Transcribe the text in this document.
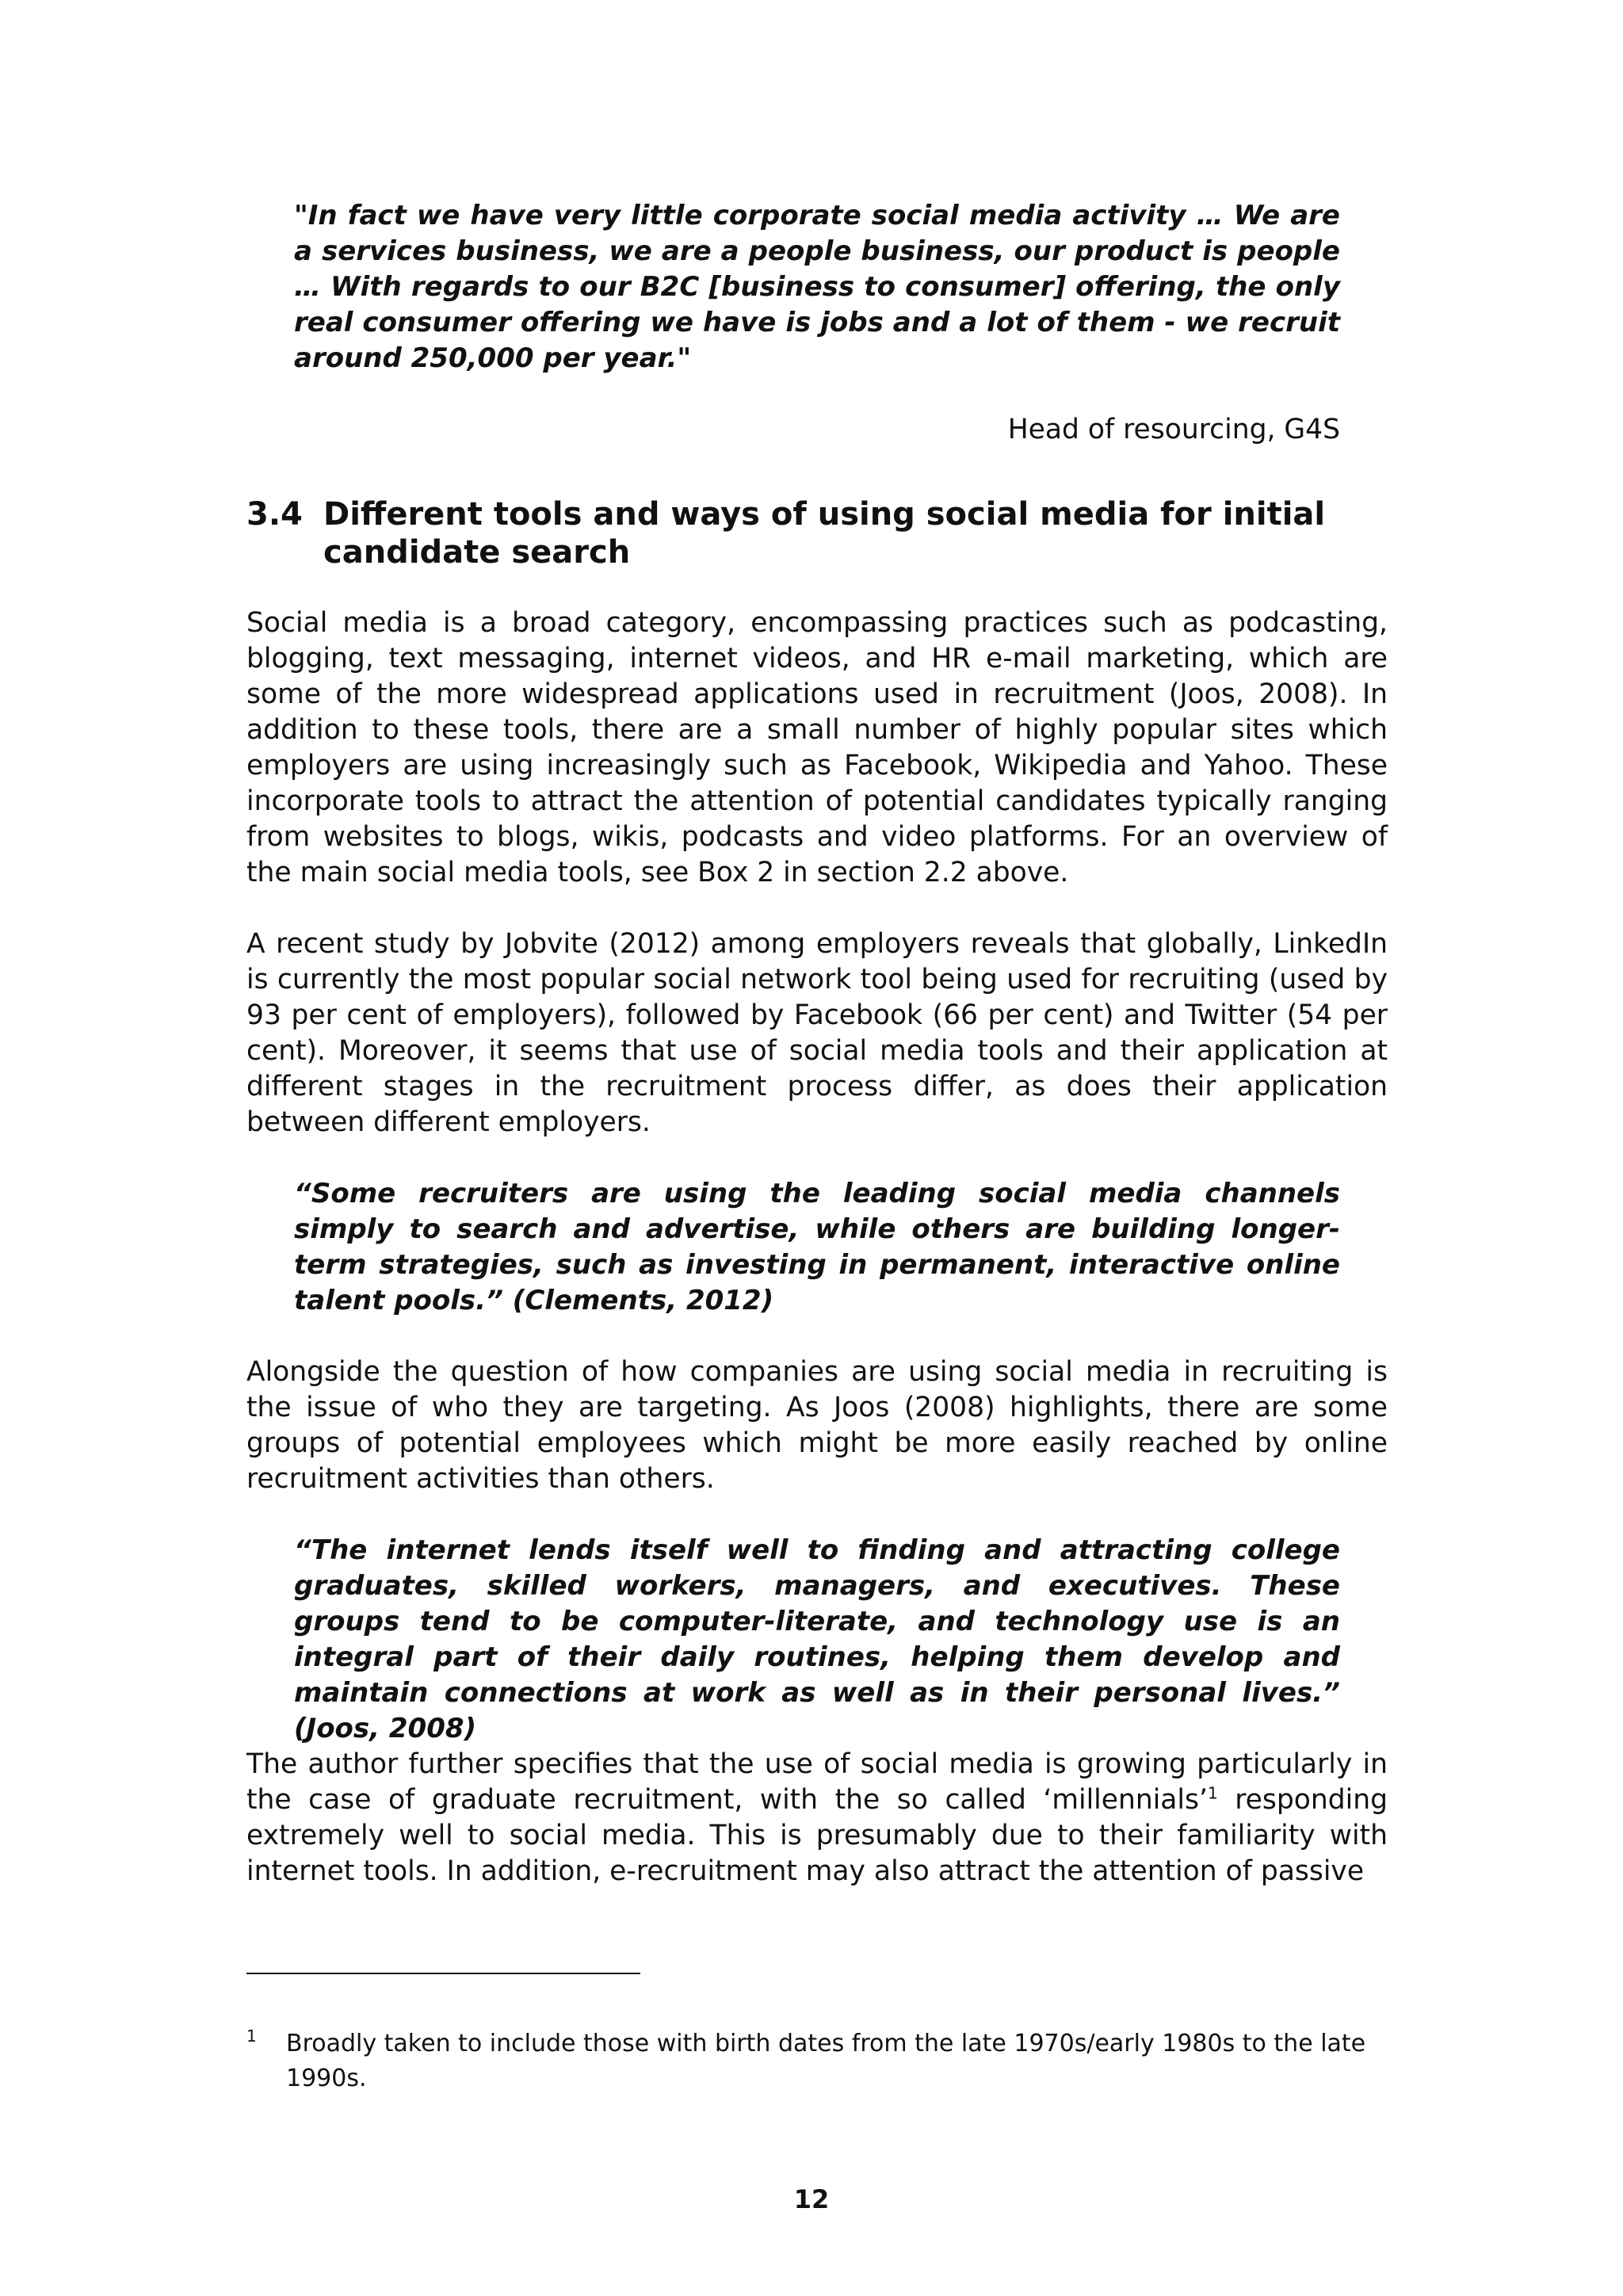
"In fact we have very little corporate social media activity … We are a services business, we are a people business, our product is people … With regards to our B2C [business to consumer] offering, the only real consumer offering we have is jobs and a lot of them - we recruit around 250,000 per year."

Head of resourcing, G4S

3.4 Different tools and ways of using social media for initial
candidate search

Social media is a broad category, encompassing practices such as podcasting, blogging, text messaging, internet videos, and HR e-mail marketing, which are some of the more widespread applications used in recruitment (Joos, 2008). In addition to these tools, there are a small number of highly popular sites which employers are using increasingly such as Facebook, Wikipedia and Yahoo. These incorporate tools to attract the attention of potential candidates typically ranging from websites to blogs, wikis, podcasts and video platforms. For an overview of the main social media tools, see Box 2 in section 2.2 above.

A recent study by Jobvite (2012) among employers reveals that globally, LinkedIn is currently the most popular social network tool being used for recruiting (used by 93 per cent of employers), followed by Facebook (66 per cent) and Twitter (54 per cent). Moreover, it seems that use of social media tools and their application at different stages in the recruitment process differ, as does their application between different employers.

“Some recruiters are using the leading social media channels simply to search and advertise, while others are building longer-term strategies, such as investing in permanent, interactive online talent pools.” (Clements, 2012)

Alongside the question of how companies are using social media in recruiting is the issue of who they are targeting. As Joos (2008) highlights, there are some groups of potential employees which might be more easily reached by online recruitment activities than others.

“The internet lends itself well to finding and attracting college graduates, skilled workers, managers, and executives. These groups tend to be computer-literate, and technology use is an integral part of their daily routines, helping them develop and maintain connections at work as well as in their personal lives.” (Joos, 2008)

The author further specifies that the use of social media is growing particularly in the case of graduate recruitment, with the so called ‘millennials’$^1$ responding extremely well to social media. This is presumably due to their familiarity with internet tools. In addition, e-recruitment may also attract the attention of passive

1 Broadly taken to include those with birth dates from the late 1970s/early 1980s to the late 1990s.

12
